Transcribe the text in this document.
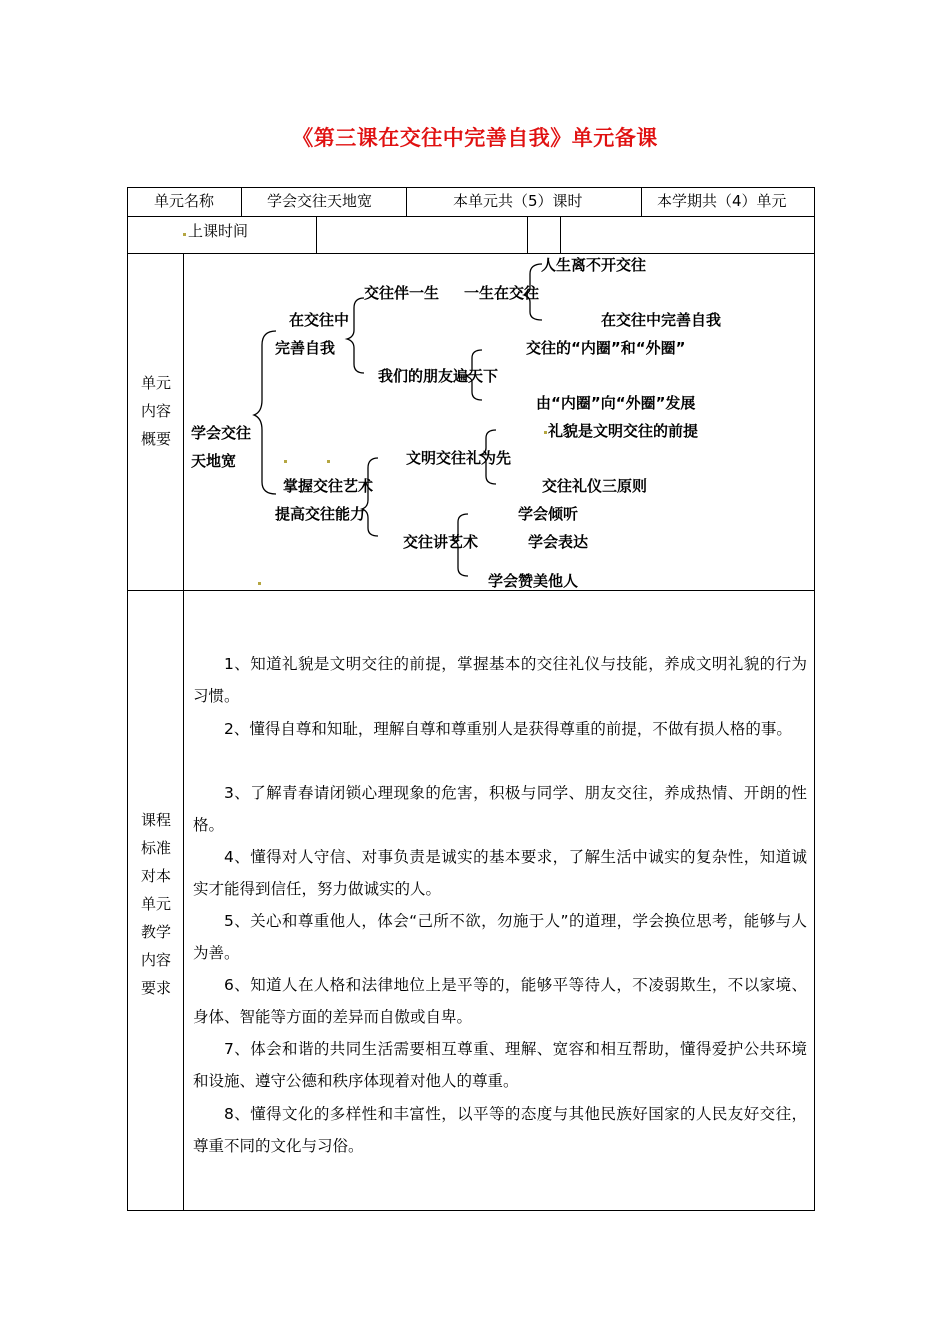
《第三课在交往中完善自我》单元备课
单元名称	学会交往天地宽	本单元共（5）课时	本学期共（4）单元
上课时间
单元
内容
概要	学会交往
天地宽
在交往中
完善自我
交往伴一生 一生在交往
人生离不开交往
在交往中完善自我
我们的朋友遍天下
交往的“内圈”和“外圈”
由“内圈”向“外圈”发展
掌握交往艺术
提高交往能力
文明交往礼为先
礼貌是文明交往的前提
交往礼仪三原则
交往讲艺术
学会倾听
学会表达
学会赞美他人
课程
标准
对本
单元
教学
内容
要求
1、知道礼貌是文明交往的前提，掌握基本的交往礼仪与技能，养成文明礼貌的行为习惯。
2、懂得自尊和知耻，理解自尊和尊重别人是获得尊重的前提，不做有损人格的事。
3、了解青春请闭锁心理现象的危害，积极与同学、朋友交往，养成热情、开朗的性格。
4、懂得对人守信、对事负责是诚实的基本要求，了解生活中诚实的复杂性，知道诚实才能得到信任，努力做诚实的人。
5、关心和尊重他人，体会“己所不欲，勿施于人”的道理，学会换位思考，能够与人为善。
6、知道人在人格和法律地位上是平等的，能够平等待人，不凌弱欺生，不以家境、身体、智能等方面的差异而自傲或自卑。
7、体会和谐的共同生活需要相互尊重、理解、宽容和相互帮助，懂得爱护公共环境和设施、遵守公德和秩序体现着对他人的尊重。
8、懂得文化的多样性和丰富性，以平等的态度与其他民族好国家的人民友好交往，尊重不同的文化与习俗。
